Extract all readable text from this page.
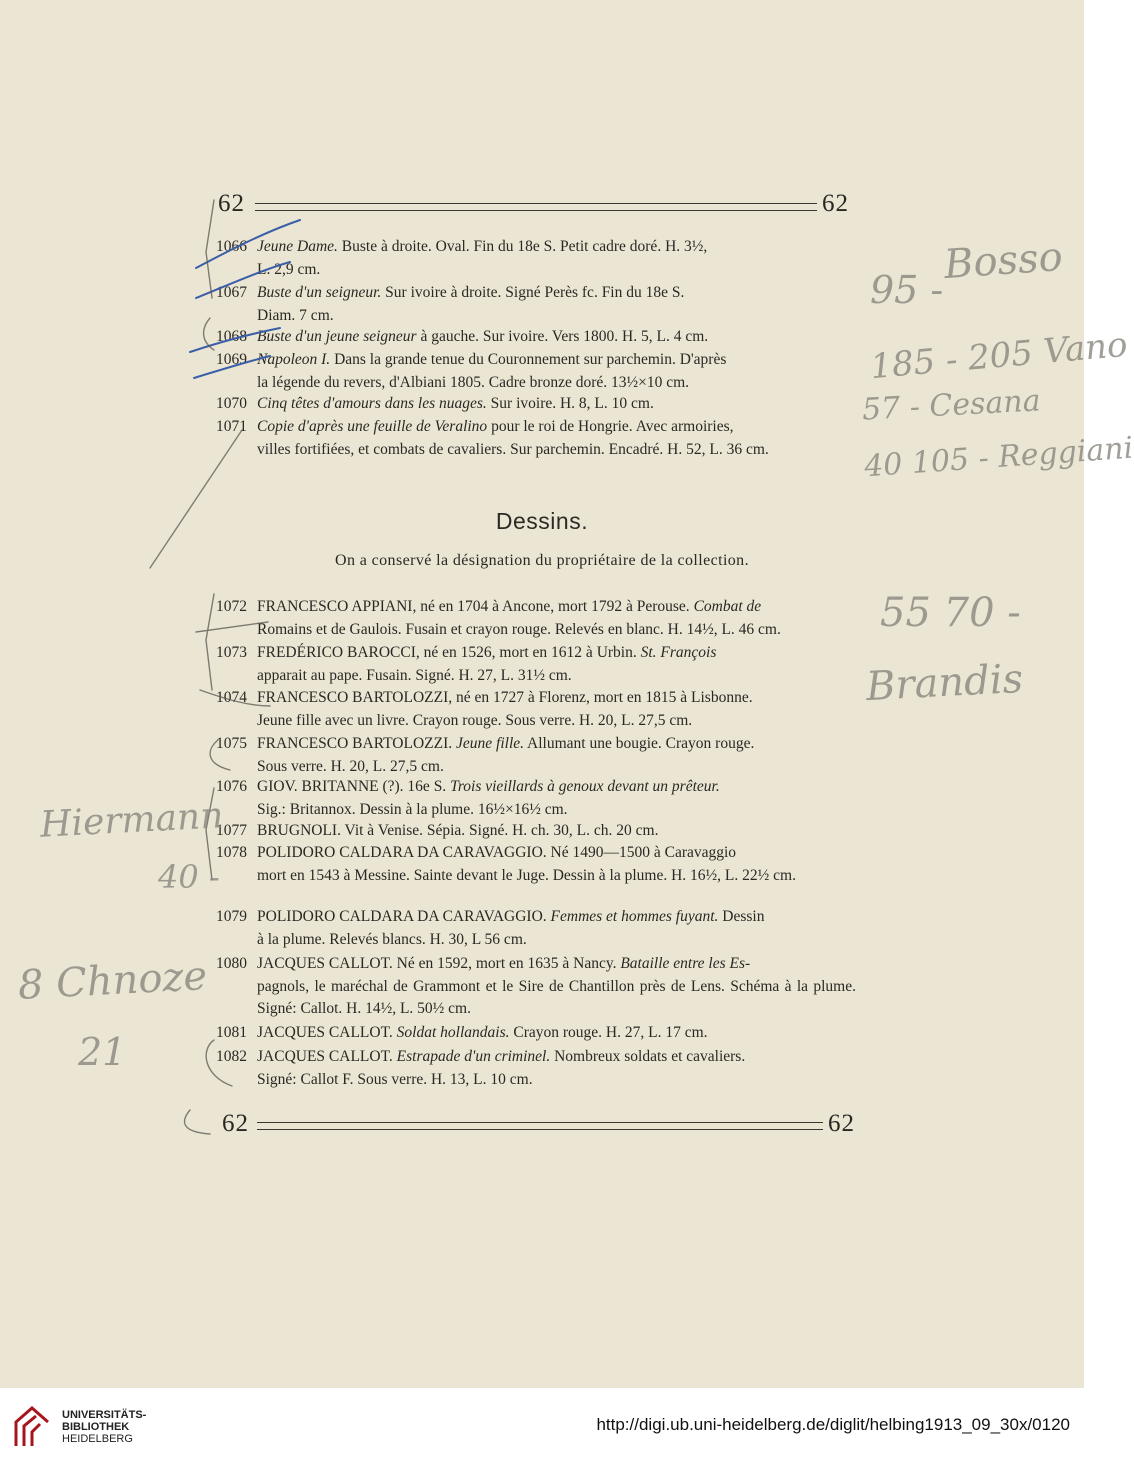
62	62
1066 Jeune Dame. Buste à droite. Oval. Fin du 18e S. Petit cadre doré. H. 3½,
L. 2,9 cm.
1067 Buste d'un seigneur. Sur ivoire à droite. Signé Perès fc. Fin du 18e S.
Diam. 7 cm.
1068 Buste d'un jeune seigneur à gauche. Sur ivoire. Vers 1800. H. 5, L. 4 cm.
1069 Napoleon I. Dans la grande tenue du Couronnement sur parchemin. D'après
la légende du revers, d'Albiani 1805. Cadre bronze doré. 13½×10 cm.
1070 Cinq têtes d'amours dans les nuages. Sur ivoire. H. 8, L. 10 cm.
1071 Copie d'après une feuille de Veralino pour le roi de Hongrie. Avec armoiries,
villes fortifiées, et combats de cavaliers. Sur parchemin. Encadré. H. 52, L. 36 cm.
Dessins.
On a conservé la désignation du propriétaire de la collection.
1072 FRANCESCO APPIANI, né en 1704 à Ancone, mort 1792 à Perouse. Combat de
Romains et de Gaulois. Fusain et crayon rouge. Relevés en blanc. H. 14½, L. 46 cm.
1073 FREDÉRICO BAROCCI, né en 1526, mort en 1612 à Urbin. St. François
apparait au pape. Fusain. Signé. H. 27, L. 31½ cm.
1074 FRANCESCO BARTOLOZZI, né en 1727 à Florenz, mort en 1815 à Lisbonne.
Jeune fille avec un livre. Crayon rouge. Sous verre. H. 20, L. 27,5 cm.
1075 FRANCESCO BARTOLOZZI. Jeune fille. Allumant une bougie. Crayon rouge.
Sous verre. H. 20, L. 27,5 cm.
1076 GIOV. BRITANNE (?). 16e S. Trois vieillards à genoux devant un prêteur.
Sig.: Britannox. Dessin à la plume. 16½×16½ cm.
1077 BRUGNOLI. Vit à Venise. Sépia. Signé. H. ch. 30, L. ch. 20 cm.
1078 POLIDORO CALDARA DA CARAVAGGIO. Né 1490—1500 à Caravaggio
mort en 1543 à Messine. Sainte devant le Juge. Dessin à la plume. H. 16½, L. 22½ cm.
1079 POLIDORO CALDARA DA CARAVAGGIO. Femmes et hommes fuyant. Dessin
à la plume. Relevés blancs. H. 30, L 56 cm.
1080 JACQUES CALLOT. Né en 1592, mort en 1635 à Nancy. Bataille entre les Es-
pagnols, le maréchal de Grammont et le Sire de Chantillon près de Lens. Schéma à la plume. Signé: Callot. H. 14½, L. 50½ cm.
1081 JACQUES CALLOT. Soldat hollandais. Crayon rouge. H. 27, L. 17 cm.
1082 JACQUES CALLOT. Estrapade d'un criminel. Nombreux soldats et cavaliers.
Signé: Callot F. Sous verre. H. 13, L. 10 cm.
62	62
Bosso
95 -
185 - 205 Vano
57 - Cesana
40 105 - Reggiani
55 70 -
Brandis
Hiermann
40 -
8 Chnoze
21
UNIVERSITÄTS-
BIBLIOTHEK
HEIDELBERG
http://digi.ub.uni-heidelberg.de/diglit/helbing1913_09_30x/0120
